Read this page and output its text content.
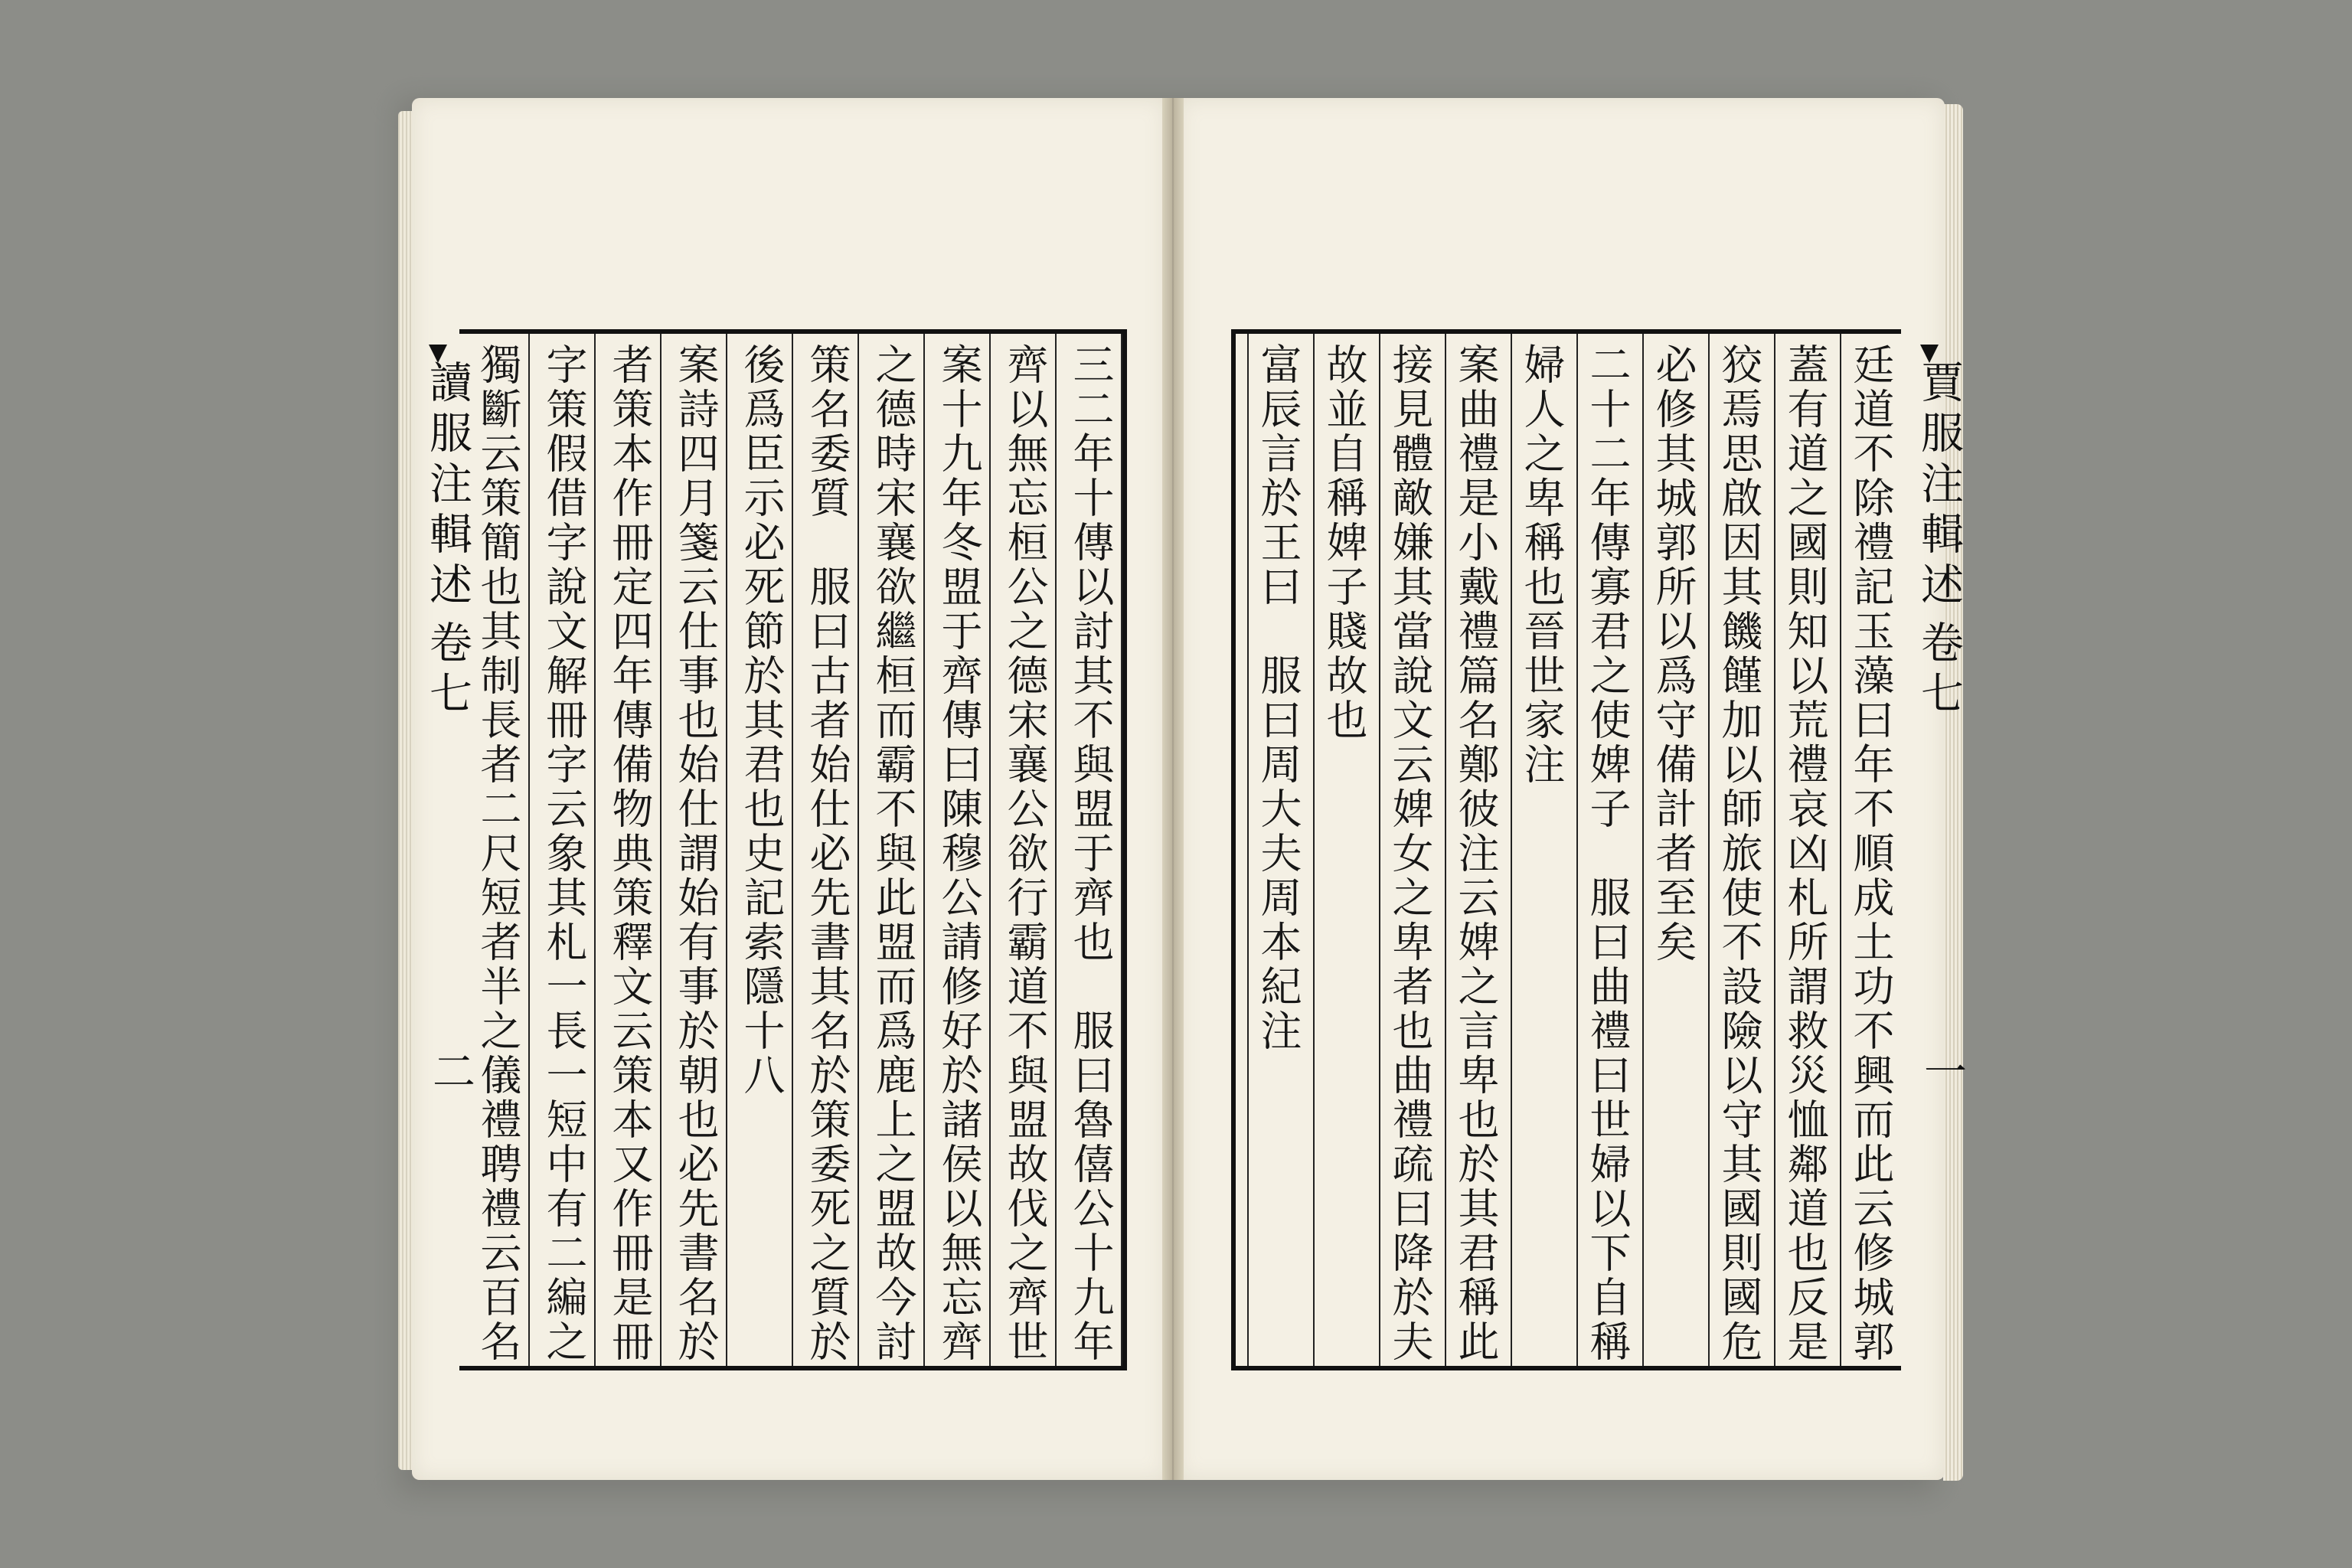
讀服注輯述
卷七
二
三二年十傳以討其不與盟于齊也　服曰魯僖公十九年
齊以無忘桓公之德宋襄公欲行霸道不與盟故伐之齊世
案十九年冬盟于齊傳曰陳穆公請修好於諸侯以無忘齊
之德時宋襄欲繼桓而霸不與此盟而爲鹿上之盟故今討
策名委質　服曰古者始仕必先書其名於策委死之質於
後爲臣示必死節於其君也史記索隱十八
案詩四月箋云仕事也始仕謂始有事於朝也必先書名於
者策本作冊定四年傳備物典策釋文云策本又作冊是冊
字策假借字說文解冊字云象其札一長一短中有二編之
獨斷云策簡也其制長者二尺短者半之儀禮聘禮云百名
廷道不除禮記玉藻曰年不順成土功不興而此云修城郭
蓋有道之國則知以荒禮哀凶札所謂救災恤鄰道也反是
狡焉思啟因其饑饉加以師旅使不設險以守其國則國危
必修其城郭所以爲守備計者至矣
二十二年傳寡君之使婢子　服曰曲禮曰世婦以下自稱
婦人之卑稱也晉世家注
案曲禮是小戴禮篇名鄭彼注云婢之言卑也於其君稱此
接見體敵嫌其當說文云婢女之卑者也曲禮疏曰降於夫
故並自稱婢子賤故也
富辰言於王曰　服曰周大夫周本紀注	賈服注輯述
卷七
一
